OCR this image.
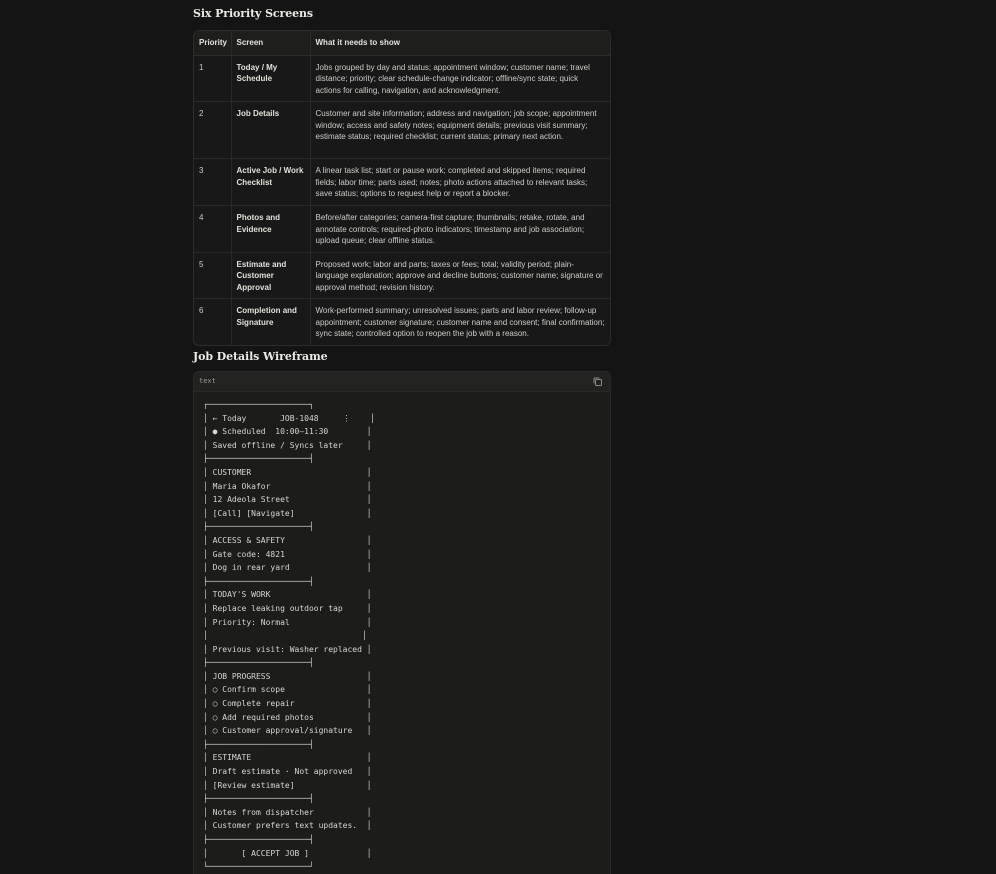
Six Priority Screens
Priority	Screen	What it needs to show
1	Today / My Schedule	Jobs grouped by day and status; appointment window; customer name; travel distance; priority; clear schedule-change indicator; offline/sync state; quick actions for calling, navigation, and acknowledgment.
2	Job Details	Customer and site information; address and navigation; job scope; appointment window; access and safety notes; equipment details; previous visit summary; estimate status; required checklist; current status; primary next action.
3	Active Job / Work Checklist	A linear task list; start or pause work; completed and skipped items; required fields; labor time; parts used; notes; photo actions attached to relevant tasks; save status; options to request help or report a blocker.
4	Photos and Evidence	Before/after categories; camera-first capture; thumbnails; retake, rotate, and annotate controls; required-photo indicators; timestamp and job association; upload queue; clear offline status.
5	Estimate and Customer Approval	Proposed work; labor and parts; taxes or fees; total; validity period; plain-language explanation; approve and decline buttons; customer name; signature or approval method; revision history.
6	Completion and Signature	Work-performed summary; unresolved issues; parts and labor review; follow-up appointment; customer signature; customer name and consent; final confirmation; sync state; controlled option to reopen the job with a reason.
Job Details Wireframe
text
┌─────────────────────┐
│ ← Today       JOB-1048     ⋮    │
│ ● Scheduled  10:00–11:30        │
│ Saved offline / Syncs later     │
├─────────────────────┤
│ CUSTOMER                        │
│ Maria Okafor                    │
│ 12 Adeola Street                │
│ [Call] [Navigate]               │
├─────────────────────┤
│ ACCESS & SAFETY                 │
│ Gate code: 4821                 │
│ Dog in rear yard                │
├─────────────────────┤
│ TODAY'S WORK                    │
│ Replace leaking outdoor tap     │
│ Priority: Normal                │
│                                │
│ Previous visit: Washer replaced │
├─────────────────────┤
│ JOB PROGRESS                    │
│ ○ Confirm scope                 │
│ ○ Complete repair               │
│ ○ Add required photos           │
│ ○ Customer approval/signature   │
├─────────────────────┤
│ ESTIMATE                        │
│ Draft estimate · Not approved   │
│ [Review estimate]               │
├─────────────────────┤
│ Notes from dispatcher           │
│ Customer prefers text updates.  │
├─────────────────────┤
│       [ ACCEPT JOB ]            │
└─────────────────────┘
